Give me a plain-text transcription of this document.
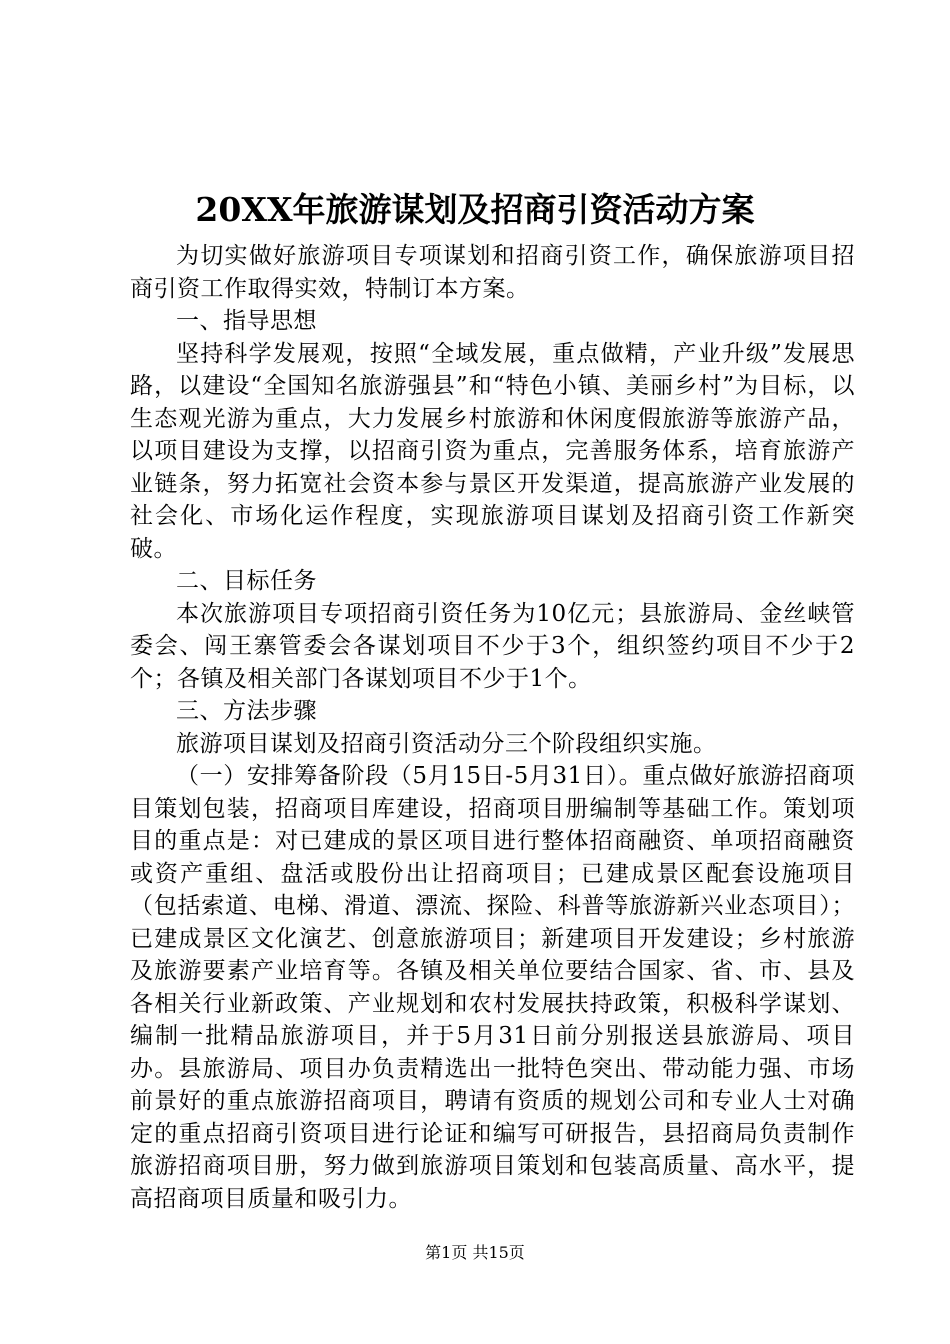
20XX年旅游谋划及招商引资活动方案

为切实做好旅游项目专项谋划和招商引资工作，确保旅游项目招商引资工作取得实效，特制订本方案。

一、指导思想

坚持科学发展观，按照“全域发展，重点做精，产业升级”发展思路，以建设“全国知名旅游强县”和“特色小镇、美丽乡村”为目标，以生态观光游为重点，大力发展乡村旅游和休闲度假旅游等旅游产品，以项目建设为支撑，以招商引资为重点，完善服务体系，培育旅游产业链条，努力拓宽社会资本参与景区开发渠道，提高旅游产业发展的社会化、市场化运作程度，实现旅游项目谋划及招商引资工作新突破。

二、目标任务

本次旅游项目专项招商引资任务为10亿元；县旅游局、金丝峡管委会、闯王寨管委会各谋划项目不少于3个，组织签约项目不少于2个；各镇及相关部门各谋划项目不少于1个。

三、方法步骤

旅游项目谋划及招商引资活动分三个阶段组织实施。

（一）安排筹备阶段（5月15日-5月31日）。重点做好旅游招商项目策划包装，招商项目库建设，招商项目册编制等基础工作。策划项目的重点是：对已建成的景区项目进行整体招商融资、单项招商融资或资产重组、盘活或股份出让招商项目；已建成景区配套设施项目（包括索道、电梯、滑道、漂流、探险、科普等旅游新兴业态项目）；已建成景区文化演艺、创意旅游项目；新建项目开发建设；乡村旅游及旅游要素产业培育等。各镇及相关单位要结合国家、省、市、县及各相关行业新政策、产业规划和农村发展扶持政策，积极科学谋划、编制一批精品旅游项目，并于5月31日前分别报送县旅游局、项目办。县旅游局、项目办负责精选出一批特色突出、带动能力强、市场前景好的重点旅游招商项目，聘请有资质的规划公司和专业人士对确定的重点招商引资项目进行论证和编写可研报告，县招商局负责制作旅游招商项目册，努力做到旅游项目策划和包装高质量、高水平，提高招商项目质量和吸引力。

第1页 共15页
